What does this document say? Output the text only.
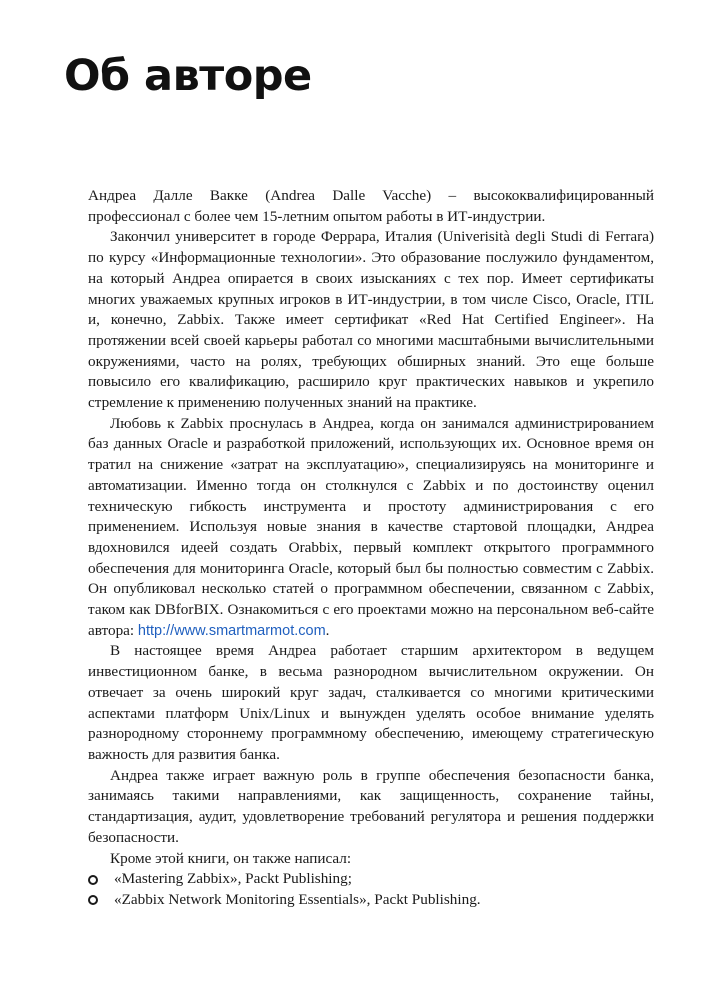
Об авторе

Андреа Далле Вакке (Andrea Dalle Vacche) – высококвалифицированный профессионал с более чем 15-летним опытом работы в ИТ-индустрии.

Закончил университет в городе Феррара, Италия (Univerisità degli Studi di Ferrara) по курсу «Информационные технологии». Это образование послужило фундаментом, на который Андреа опирается в своих изысканиях с тех пор. Имеет сертификаты многих уважаемых крупных игроков в ИТ-индустрии, в том числе Cisco, Oracle, ITIL и, конечно, Zabbix. Также имеет сертификат «Red Hat Certified Engineer». На протяжении всей своей карьеры работал со многими масштабными вычислительными окружениями, часто на ролях, требующих обширных знаний. Это еще больше повысило его квалификацию, расширило круг практических навыков и укрепило стремление к применению полученных знаний на практике.

Любовь к Zabbix проснулась в Андреа, когда он занимался администрированием баз данных Oracle и разработкой приложений, использующих их. Основное время он тратил на снижение «затрат на эксплуатацию», специализируясь на мониторинге и автоматизации. Именно тогда он столкнулся с Zabbix и по достоинству оценил техническую гибкость инструмента и простоту администрирования с его применением. Используя новые знания в качестве стартовой площадки, Андреа вдохновился идеей создать Orabbix, первый комплект открытого программного обеспечения для мониторинга Oracle, который был бы полностью совместим с Zabbix. Он опубликовал несколько статей о программном обеспечении, связанном с Zabbix, таком как DBforBIX. Ознакомиться с его проектами можно на персональном веб-сайте автора: http://www.smartmarmot.com.

В настоящее время Андреа работает старшим архитектором в ведущем инвестиционном банке, в весьма разнородном вычислительном окружении. Он отвечает за очень широкий круг задач, сталкивается со многими критическими аспектами платформ Unix/Linux и вынужден уделять особое внимание уделять разнородному стороннему программному обеспечению, имеющему стратегическую важность для развития банка.

Андреа также играет важную роль в группе обеспечения безопасности банка, занимаясь такими направлениями, как защищенность, сохранение тайны, стандартизация, аудит, удовлетворение требований регулятора и решения поддержки безопасности.

Кроме этой книги, он также написал:

«Mastering Zabbix», Packt Publishing;
«Zabbix Network Monitoring Essentials», Packt Publishing.
